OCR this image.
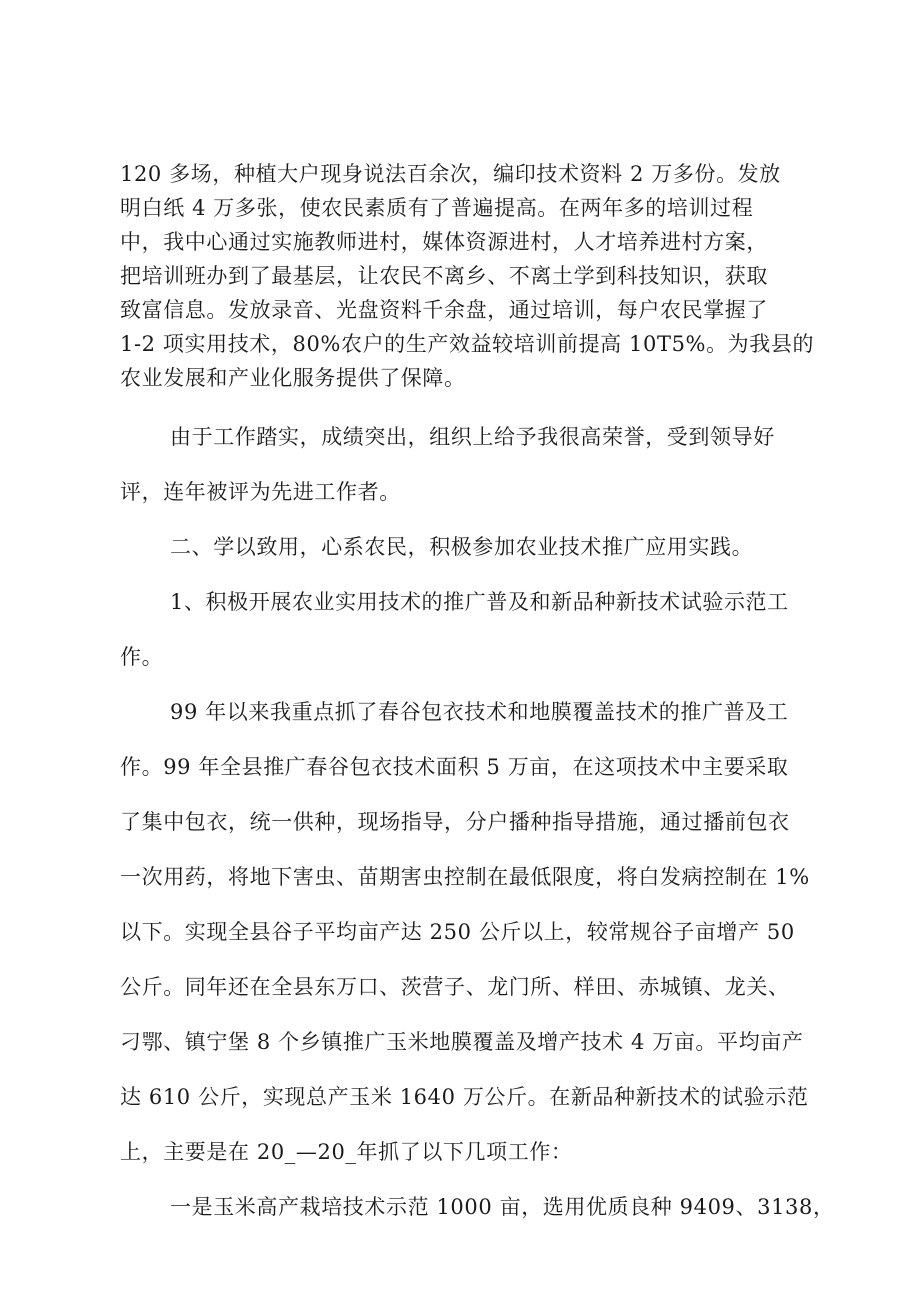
120 多场，种植大户现身说法百余次，编印技术资料 2 万多份。发放
明白纸 4 万多张，使农民素质有了普遍提高。在两年多的培训过程
中，我中心通过实施教师进村，媒体资源进村，人才培养进村方案，
把培训班办到了最基层，让农民不离乡、不离土学到科技知识，获取
致富信息。发放录音、光盘资料千余盘，通过培训，每户农民掌握了
1-2 项实用技术，80%农户的生产效益较培训前提高 10T5%。为我县的
农业发展和产业化服务提供了保障。
由于工作踏实，成绩突出，组织上给予我很高荣誉，受到领导好
评，连年被评为先进工作者。
二、学以致用，心系农民，积极参加农业技术推广应用实践。
1、积极开展农业实用技术的推广普及和新品种新技术试验示范工
作。
99 年以来我重点抓了春谷包衣技术和地膜覆盖技术的推广普及工
作。99 年全县推广春谷包衣技术面积 5 万亩，在这项技术中主要采取
了集中包衣，统一供种，现场指导，分户播种指导措施，通过播前包衣
一次用药，将地下害虫、苗期害虫控制在最低限度，将白发病控制在 1%
以下。实现全县谷子平均亩产达 250 公斤以上，较常规谷子亩增产 50
公斤。同年还在全县东万口、茨营子、龙门所、样田、赤城镇、龙关、
刁鄂、镇宁堡 8 个乡镇推广玉米地膜覆盖及增产技术 4 万亩。平均亩产
达 610 公斤，实现总产玉米 1640 万公斤。在新品种新技术的试验示范
上，主要是在 20_—20_年抓了以下几项工作：
一是玉米高产栽培技术示范 1000 亩，选用优质良种 9409、3138，
